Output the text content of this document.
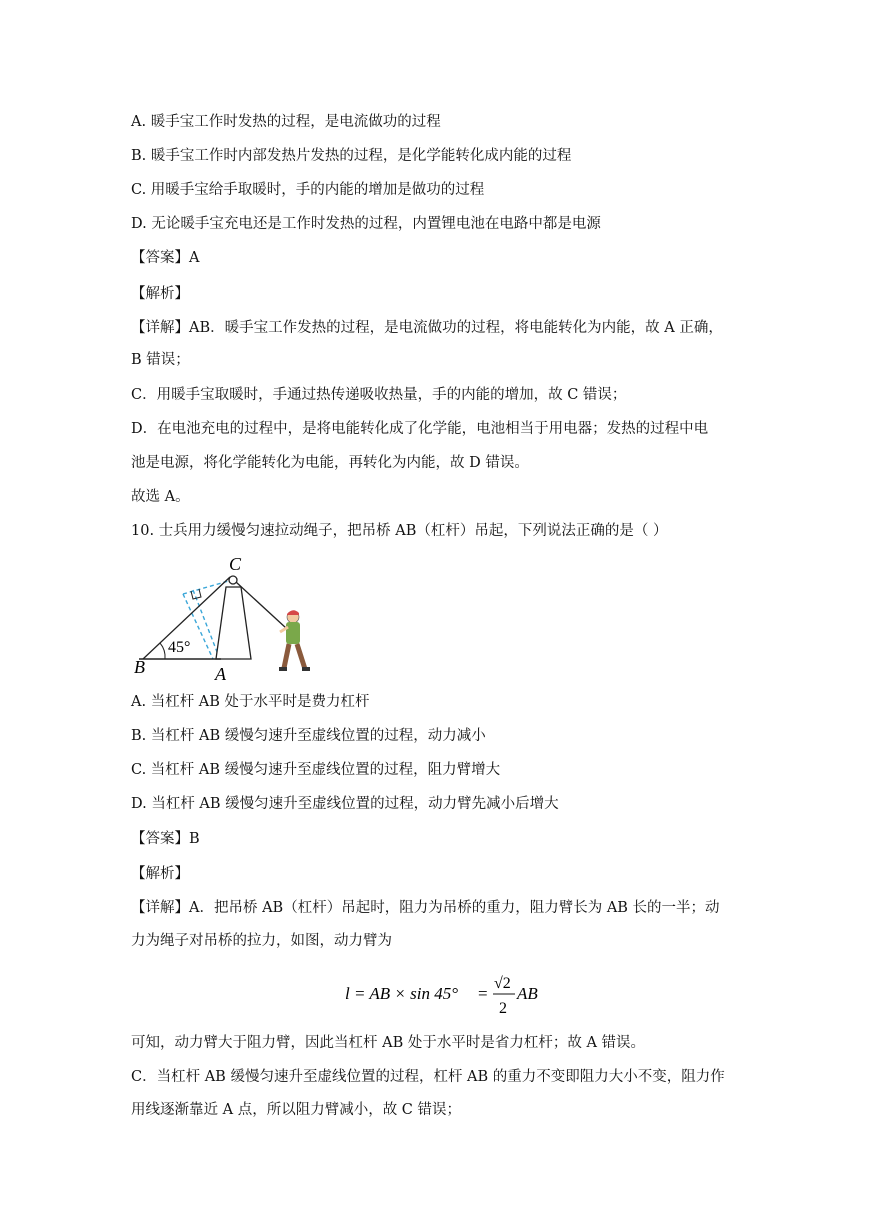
A. 暖手宝工作时发热的过程，是电流做功的过程
B. 暖手宝工作时内部发热片发热的过程，是化学能转化成内能的过程
C. 用暖手宝给手取暖时，手的内能的增加是做功的过程
D. 无论暖手宝充电还是工作时发热的过程，内置锂电池在电路中都是电源
【答案】A
【解析】
【详解】AB．暖手宝工作发热的过程，是电流做功的过程，将电能转化为内能，故 A 正确，
B 错误；
C．用暖手宝取暖时，手通过热传递吸收热量，手的内能的增加，故 C 错误；
D．在电池充电的过程中，是将电能转化成了化学能，电池相当于用电器；发热的过程中电
池是电源，将化学能转化为电能，再转化为内能，故 D 错误。
故选 A。
10. 士兵用力缓慢匀速拉动绳子，把吊桥 AB（杠杆）吊起，下列说法正确的是（ ）
C
B	A
45°
A. 当杠杆 AB 处于水平时是费力杠杆
B. 当杠杆 AB 缓慢匀速升至虚线位置的过程，动力减小
C. 当杠杆 AB 缓慢匀速升至虚线位置的过程，阻力臂增大
D. 当杠杆 AB 缓慢匀速升至虚线位置的过程，动力臂先减小后增大
【答案】B
【解析】
【详解】A．把吊桥 AB（杠杆）吊起时，阻力为吊桥的重力，阻力臂长为 AB 长的一半；动
力为绳子对吊桥的拉力，如图，动力臂为
l = AB × sin 45° =
√2
2
AB
可知，动力臂大于阻力臂，因此当杠杆 AB 处于水平时是省力杠杆；故 A 错误。
C．当杠杆 AB 缓慢匀速升至虚线位置的过程，杠杆 AB 的重力不变即阻力大小不变，阻力作
用线逐渐靠近 A 点，所以阻力臂减小，故 C 错误；
